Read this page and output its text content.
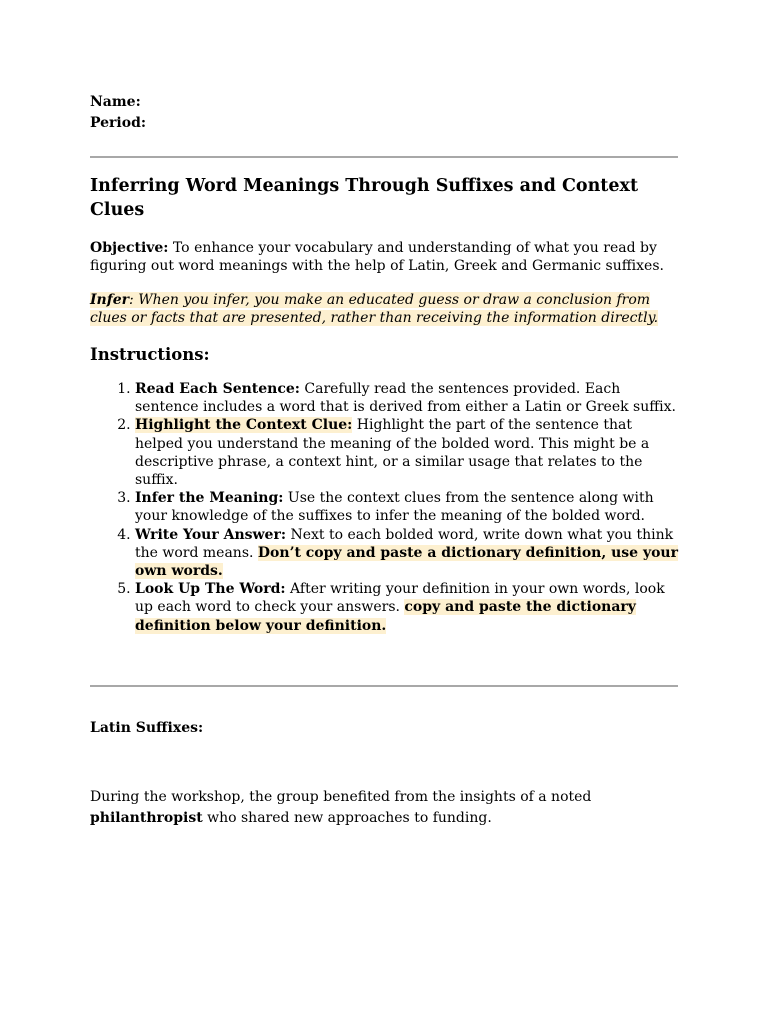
Name:

Period:

Inferring Word Meanings Through Suffixes and Context Clues

Objective: To enhance your vocabulary and understanding of what you read by figuring out word meanings with the help of Latin, Greek and Germanic suffixes.

Infer: When you infer, you make an educated guess or draw a conclusion from clues or facts that are presented, rather than receiving the information directly.

Instructions:
1. Read Each Sentence: Carefully read the sentences provided. Each sentence includes a word that is derived from either a Latin or Greek suffix.
2. Highlight the Context Clue: Highlight the part of the sentence that helped you understand the meaning of the bolded word. This might be a descriptive phrase, a context hint, or a similar usage that relates to the suffix.
3. Infer the Meaning: Use the context clues from the sentence along with your knowledge of the suffixes to infer the meaning of the bolded word.
4. Write Your Answer: Next to each bolded word, write down what you think the word means. Don’t copy and paste a dictionary definition, use your own words.
5. Look Up The Word: After writing your definition in your own words, look up each word to check your answers. copy and paste the dictionary definition below your definition.

Latin Suffixes:

During the workshop, the group benefited from the insights of a noted philanthropist who shared new approaches to funding.
